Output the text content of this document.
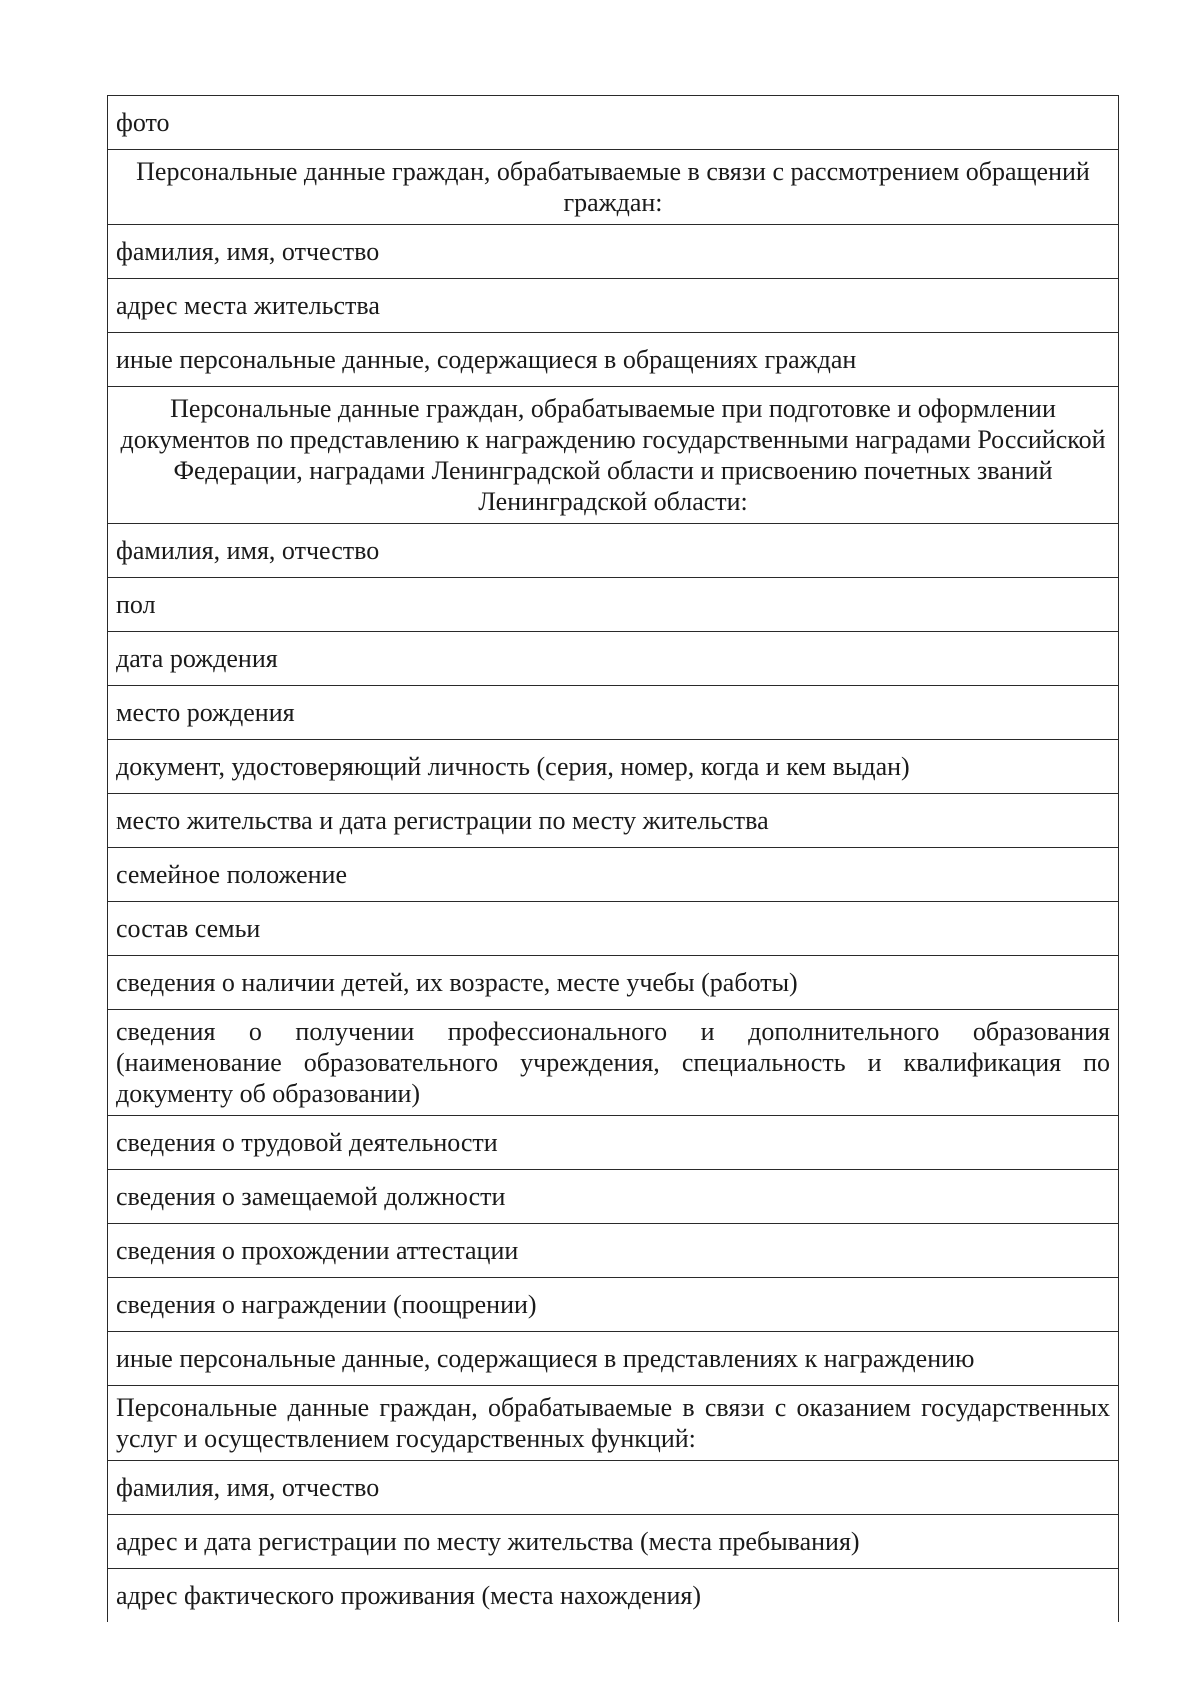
фото
Персональные данные граждан, обрабатываемые в связи с рассмотрением обращений граждан:
фамилия, имя, отчество
адрес места жительства
иные персональные данные, содержащиеся в обращениях граждан
Персональные данные граждан, обрабатываемые при подготовке и оформлении документов по представлению к награждению государственными наградами Российской Федерации, наградами Ленинградской области и присвоению почетных званий Ленинградской области:
фамилия, имя, отчество
пол
дата рождения
место рождения
документ, удостоверяющий личность (серия, номер, когда и кем выдан)
место жительства и дата регистрации по месту жительства
семейное положение
состав семьи
сведения о наличии детей, их возрасте, месте учебы (работы)
сведения о получении профессионального и дополнительного образования (наименование образовательного учреждения, специальность и квалификация по документу об образовании)
сведения о трудовой деятельности
сведения о замещаемой должности
сведения о прохождении аттестации
сведения о награждении (поощрении)
иные персональные данные, содержащиеся в представлениях к награждению
Персональные данные граждан, обрабатываемые в связи с оказанием государственных услуг и осуществлением государственных функций:
фамилия, имя, отчество
адрес и дата регистрации по месту жительства (места пребывания)
адрес фактического проживания (места нахождения)
